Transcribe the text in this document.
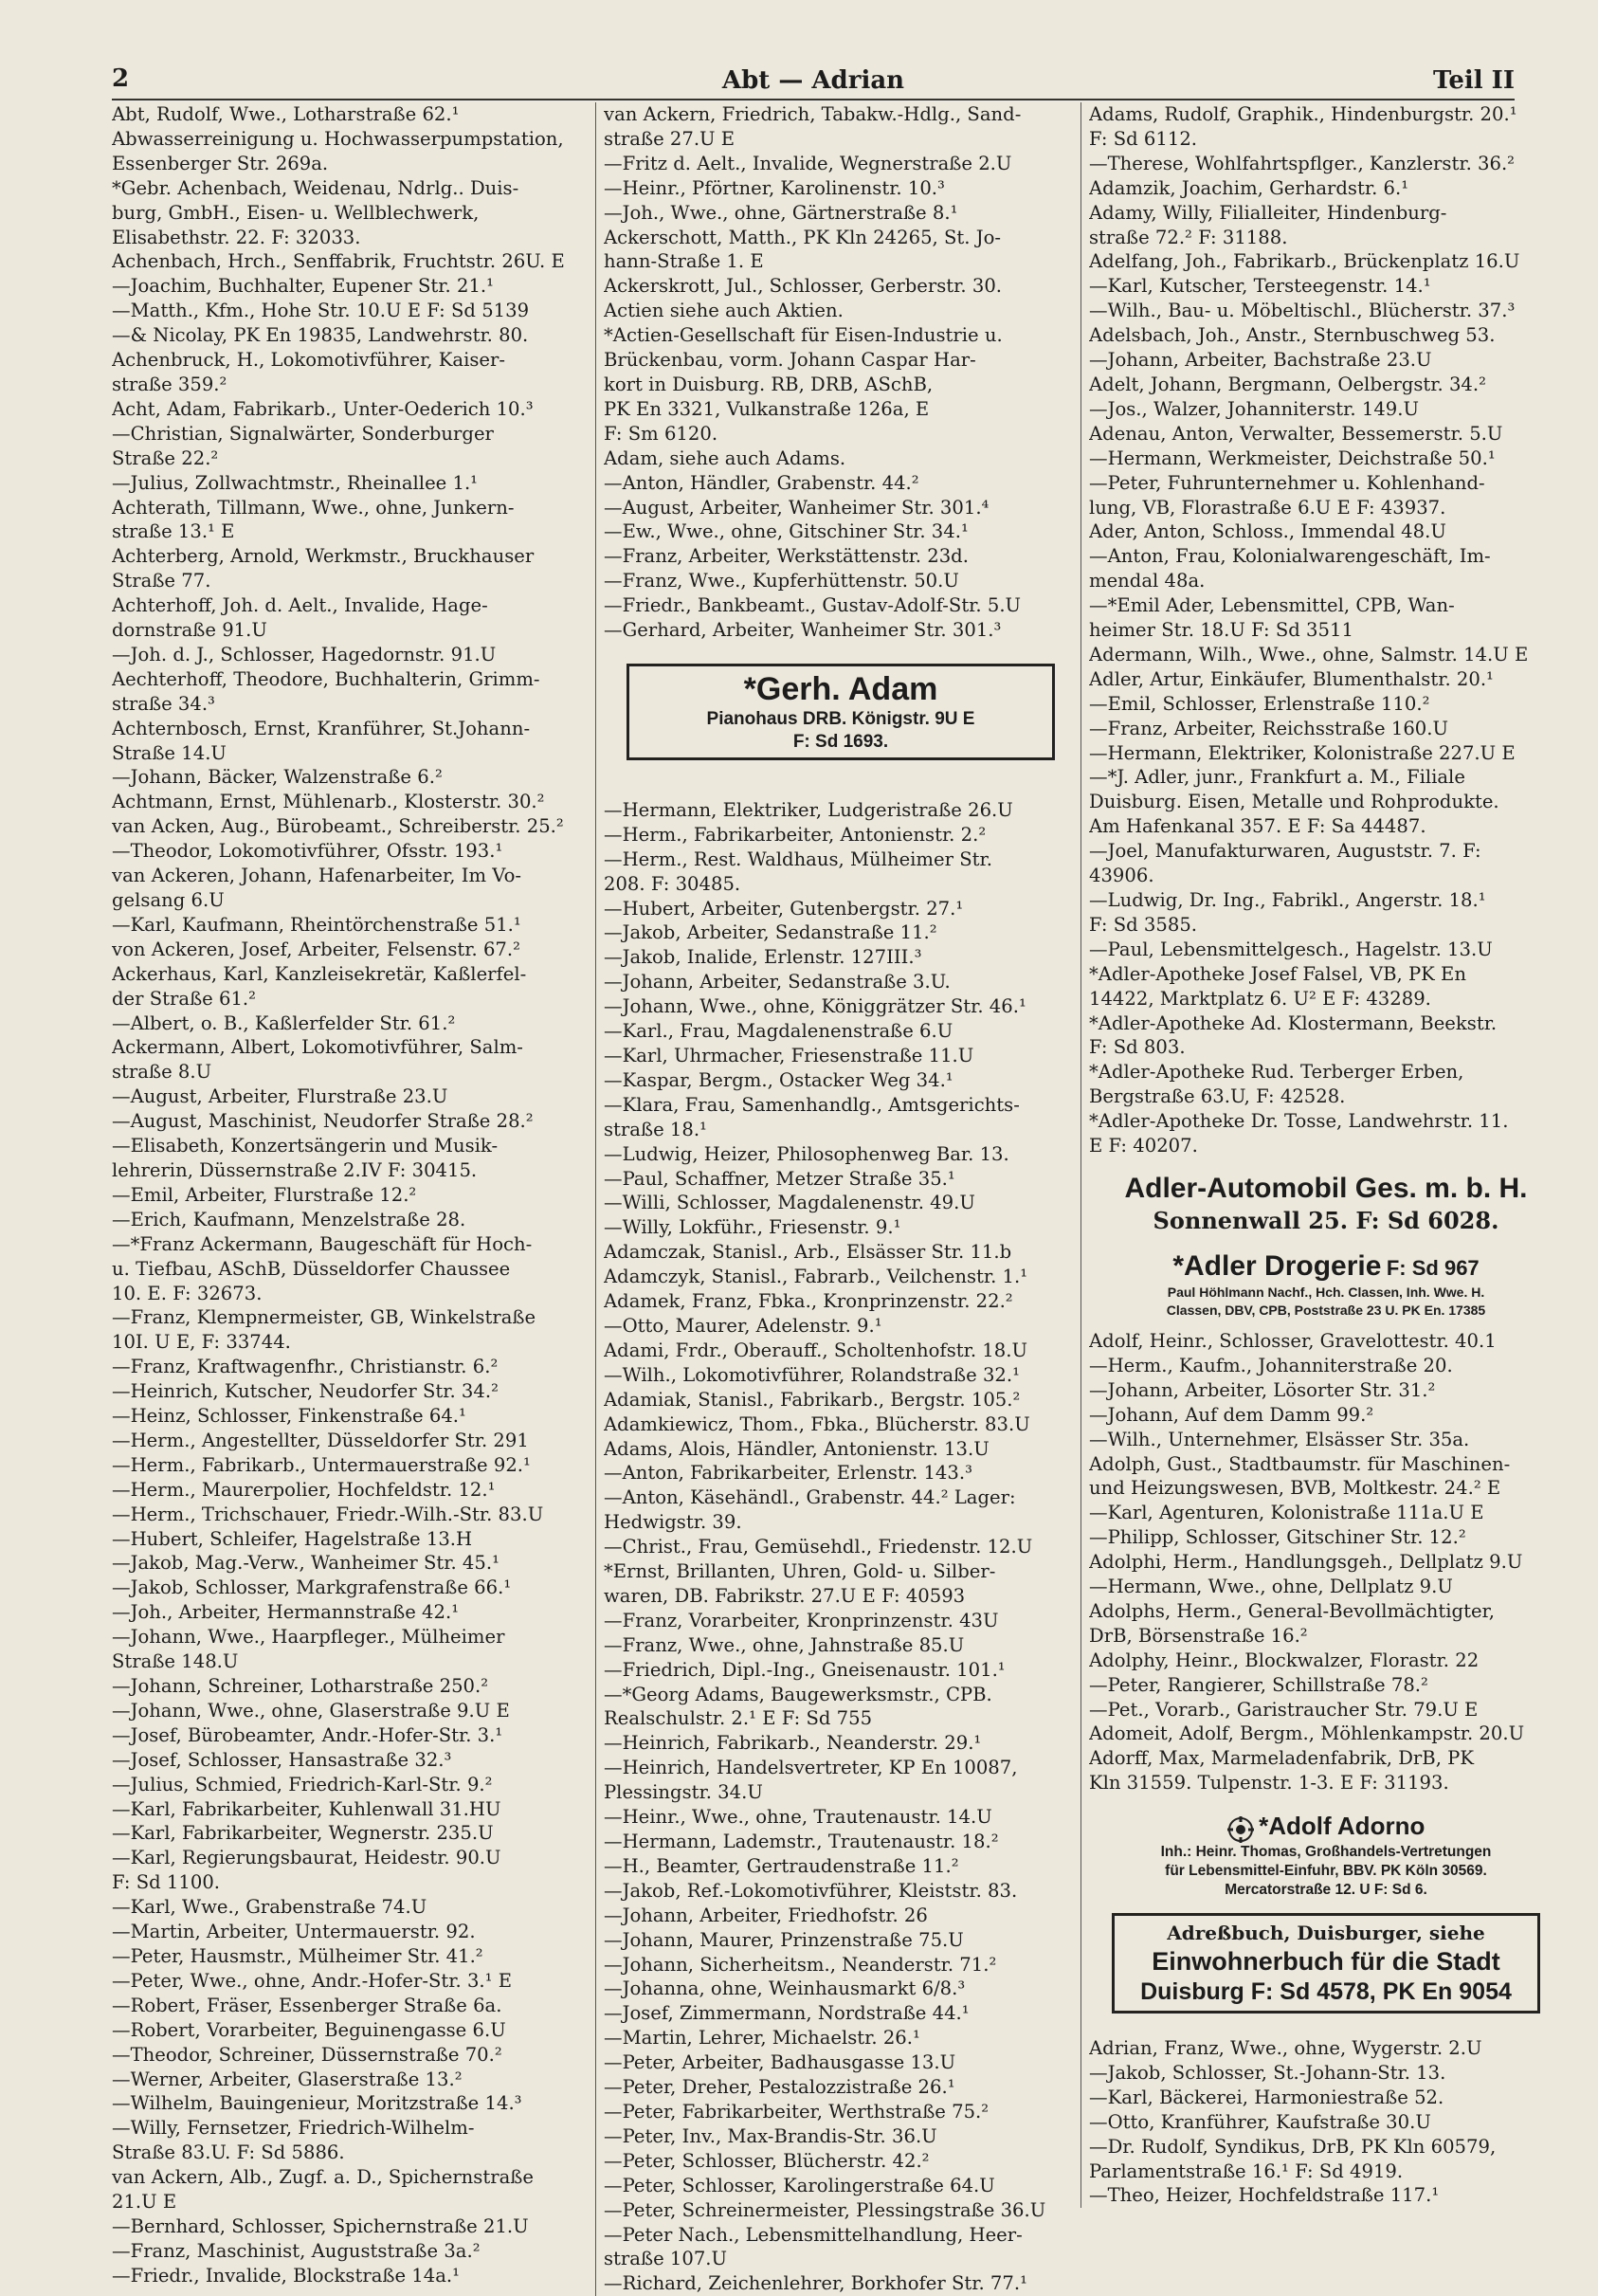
2	Abt — Adrian	Teil II
Abt, Rudolf, Wwe., Lotharstraße 62.¹
Abwasserreinigung u. Hochwasserpumpstation,
Essenberger Str. 269a.
*Gebr. Achenbach, Weidenau, Ndrlg.. Duis-
burg, GmbH., Eisen- u. Wellblechwerk,
Elisabethstr. 22. F: 32033.
Achenbach, Hrch., Senffabrik, Fruchtstr. 26U. E
—Joachim, Buchhalter, Eupener Str. 21.¹
—Matth., Kfm., Hohe Str. 10.U E F: Sd 5139
—& Nicolay, PK En 19835, Landwehrstr. 80.
Achenbruck, H., Lokomotivführer, Kaiser-
straße 359.²
Acht, Adam, Fabrikarb., Unter-Oederich 10.³
—Christian, Signalwärter, Sonderburger
Straße 22.²
—Julius, Zollwachtmstr., Rheinallee 1.¹
Achterath, Tillmann, Wwe., ohne, Junkern-
straße 13.¹ E
Achterberg, Arnold, Werkmstr., Bruckhauser
Straße 77.
Achterhoff, Joh. d. Aelt., Invalide, Hage-
dornstraße 91.U
—Joh. d. J., Schlosser, Hagedornstr. 91.U
Aechterhoff, Theodore, Buchhalterin, Grimm-
straße 34.³
Achternbosch, Ernst, Kranführer, St.Johann-
Straße 14.U
—Johann, Bäcker, Walzenstraße 6.²
Achtmann, Ernst, Mühlenarb., Klosterstr. 30.²
van Acken, Aug., Bürobeamt., Schreiberstr. 25.²
—Theodor, Lokomotivführer, Ofsstr. 193.¹
van Ackeren, Johann, Hafenarbeiter, Im Vo-
gelsang 6.U
—Karl, Kaufmann, Rheintörchenstraße 51.¹
von Ackeren, Josef, Arbeiter, Felsenstr. 67.²
Ackerhaus, Karl, Kanzleisekretär, Kaßlerfel-
der Straße 61.²
—Albert, o. B., Kaßlerfelder Str. 61.²
Ackermann, Albert, Lokomotivführer, Salm-
straße 8.U
—August, Arbeiter, Flurstraße 23.U
—August, Maschinist, Neudorfer Straße 28.²
—Elisabeth, Konzertsängerin und Musik-
lehrerin, Düssernstraße 2.IV F: 30415.
—Emil, Arbeiter, Flurstraße 12.²
—Erich, Kaufmann, Menzelstraße 28.
—*Franz Ackermann, Baugeschäft für Hoch-
u. Tiefbau, ASchB, Düsseldorfer Chaussee
10. E. F: 32673.
—Franz, Klempnermeister, GB, Winkelstraße
10I. U E, F: 33744.
—Franz, Kraftwagenfhr., Christianstr. 6.²
—Heinrich, Kutscher, Neudorfer Str. 34.²
—Heinz, Schlosser, Finkenstraße 64.¹
—Herm., Angestellter, Düsseldorfer Str. 291
—Herm., Fabrikarb., Untermauerstraße 92.¹
—Herm., Maurerpolier, Hochfeldstr. 12.¹
—Herm., Trichschauer, Friedr.-Wilh.-Str. 83.U
—Hubert, Schleifer, Hagelstraße 13.H
—Jakob, Mag.-Verw., Wanheimer Str. 45.¹
—Jakob, Schlosser, Markgrafenstraße 66.¹
—Joh., Arbeiter, Hermannstraße 42.¹
—Johann, Wwe., Haarpfleger., Mülheimer
Straße 148.U
—Johann, Schreiner, Lotharstraße 250.²
—Johann, Wwe., ohne, Glaserstraße 9.U E
—Josef, Bürobeamter, Andr.-Hofer-Str. 3.¹
—Josef, Schlosser, Hansastraße 32.³
—Julius, Schmied, Friedrich-Karl-Str. 9.²
—Karl, Fabrikarbeiter, Kuhlenwall 31.HU
—Karl, Fabrikarbeiter, Wegnerstr. 235.U
—Karl, Regierungsbaurat, Heidestr. 90.U
F: Sd 1100.
—Karl, Wwe., Grabenstraße 74.U
—Martin, Arbeiter, Untermauerstr. 92.
—Peter, Hausmstr., Mülheimer Str. 41.²
—Peter, Wwe., ohne, Andr.-Hofer-Str. 3.¹ E
—Robert, Fräser, Essenberger Straße 6a.
—Robert, Vorarbeiter, Beguinengasse 6.U
—Theodor, Schreiner, Düssernstraße 70.²
—Werner, Arbeiter, Glaserstraße 13.²
—Wilhelm, Bauingenieur, Moritzstraße 14.³
—Willy, Fernsetzer, Friedrich-Wilhelm-
Straße 83.U. F: Sd 5886.
van Ackern, Alb., Zugf. a. D., Spichernstraße
21.U E
—Bernhard, Schlosser, Spichernstraße 21.U
—Franz, Maschinist, Auguststraße 3a.²
—Friedr., Invalide, Blockstraße 14a.¹
van Ackern, Friedrich, Tabakw.-Hdlg., Sand-
straße 27.U E
—Fritz d. Aelt., Invalide, Wegnerstraße 2.U
—Heinr., Pförtner, Karolinenstr. 10.³
—Joh., Wwe., ohne, Gärtnerstraße 8.¹
Ackerschott, Matth., PK Kln 24265, St. Jo-
hann-Straße 1. E
Ackerskrott, Jul., Schlosser, Gerberstr. 30.
Actien siehe auch Aktien.
*Actien-Gesellschaft für Eisen-Industrie u.
Brückenbau, vorm. Johann Caspar Har-
kort in Duisburg. RB, DRB, ASchB,
PK En 3321, Vulkanstraße 126a, E
F: Sm 6120.
Adam, siehe auch Adams.
—Anton, Händler, Grabenstr. 44.²
—August, Arbeiter, Wanheimer Str. 301.⁴
—Ew., Wwe., ohne, Gitschiner Str. 34.¹
—Franz, Arbeiter, Werkstättenstr. 23d.
—Franz, Wwe., Kupferhüttenstr. 50.U
—Friedr., Bankbeamt., Gustav-Adolf-Str. 5.U
—Gerhard, Arbeiter, Wanheimer Str. 301.³
*Gerh. Adam
Pianohaus DRB. Königstr. 9U E
F: Sd 1693.
—Hermann, Elektriker, Ludgeristraße 26.U
—Herm., Fabrikarbeiter, Antonienstr. 2.²
—Herm., Rest. Waldhaus, Mülheimer Str.
208. F: 30485.
—Hubert, Arbeiter, Gutenbergstr. 27.¹
—Jakob, Arbeiter, Sedanstraße 11.²
—Jakob, Inalide, Erlenstr. 127III.³
—Johann, Arbeiter, Sedanstraße 3.U.
—Johann, Wwe., ohne, Königgrätzer Str. 46.¹
—Karl., Frau, Magdalenenstraße 6.U
—Karl, Uhrmacher, Friesenstraße 11.U
—Kaspar, Bergm., Ostacker Weg 34.¹
—Klara, Frau, Samenhandlg., Amtsgerichts-
straße 18.¹
—Ludwig, Heizer, Philosophenweg Bar. 13.
—Paul, Schaffner, Metzer Straße 35.¹
—Willi, Schlosser, Magdalenenstr. 49.U
—Willy, Lokführ., Friesenstr. 9.¹
Adamczak, Stanisl., Arb., Elsässer Str. 11.b
Adamczyk, Stanisl., Fabrarb., Veilchenstr. 1.¹
Adamek, Franz, Fbka., Kronprinzenstr. 22.²
—Otto, Maurer, Adelenstr. 9.¹
Adami, Frdr., Oberauff., Scholtenhofstr. 18.U
—Wilh., Lokomotivführer, Rolandstraße 32.¹
Adamiak, Stanisl., Fabrikarb., Bergstr. 105.²
Adamkiewicz, Thom., Fbka., Blücherstr. 83.U
Adams, Alois, Händler, Antonienstr. 13.U
—Anton, Fabrikarbeiter, Erlenstr. 143.³
—Anton, Käsehändl., Grabenstr. 44.² Lager:
Hedwigstr. 39.
—Christ., Frau, Gemüsehdl., Friedenstr. 12.U
*Ernst, Brillanten, Uhren, Gold- u. Silber-
waren, DB. Fabrikstr. 27.U E F: 40593
—Franz, Vorarbeiter, Kronprinzenstr. 43U
—Franz, Wwe., ohne, Jahnstraße 85.U
—Friedrich, Dipl.-Ing., Gneisenaustr. 101.¹
—*Georg Adams, Baugewerksmstr., CPB.
Realschulstr. 2.¹ E F: Sd 755
—Heinrich, Fabrikarb., Neanderstr. 29.¹
—Heinrich, Handelsvertreter, KP En 10087,
Plessingstr. 34.U
—Heinr., Wwe., ohne, Trautenaustr. 14.U
—Hermann, Lademstr., Trautenaustr. 18.²
—H., Beamter, Gertraudenstraße 11.²
—Jakob, Ref.-Lokomotivführer, Kleiststr. 83.
—Johann, Arbeiter, Friedhofstr. 26
—Johann, Maurer, Prinzenstraße 75.U
—Johann, Sicherheitsm., Neanderstr. 71.²
—Johanna, ohne, Weinhausmarkt 6/8.³
—Josef, Zimmermann, Nordstraße 44.¹
—Martin, Lehrer, Michaelstr. 26.¹
—Peter, Arbeiter, Badhausgasse 13.U
—Peter, Dreher, Pestalozzistraße 26.¹
—Peter, Fabrikarbeiter, Werthstraße 75.²
—Peter, Inv., Max-Brandis-Str. 36.U
—Peter, Schlosser, Blücherstr. 42.²
—Peter, Schlosser, Karolingerstraße 64.U
—Peter, Schreinermeister, Plessingstraße 36.U
—Peter Nach., Lebensmittelhandlung, Heer-
straße 107.U
—Richard, Zeichenlehrer, Borkhofer Str. 77.¹
Adams, Rudolf, Graphik., Hindenburgstr. 20.¹
F: Sd 6112.
—Therese, Wohlfahrtspflger., Kanzlerstr. 36.²
Adamzik, Joachim, Gerhardstr. 6.¹
Adamy, Willy, Filialleiter, Hindenburg-
straße 72.² F: 31188.
Adelfang, Joh., Fabrikarb., Brückenplatz 16.U
—Karl, Kutscher, Tersteegenstr. 14.¹
—Wilh., Bau- u. Möbeltischl., Blücherstr. 37.³
Adelsbach, Joh., Anstr., Sternbuschweg 53.
—Johann, Arbeiter, Bachstraße 23.U
Adelt, Johann, Bergmann, Oelbergstr. 34.²
—Jos., Walzer, Johanniterstr. 149.U
Adenau, Anton, Verwalter, Bessemerstr. 5.U
—Hermann, Werkmeister, Deichstraße 50.¹
—Peter, Fuhrunternehmer u. Kohlenhand-
lung, VB, Florastraße 6.U E F: 43937.
Ader, Anton, Schloss., Immendal 48.U
—Anton, Frau, Kolonialwarengeschäft, Im-
mendal 48a.
—*Emil Ader, Lebensmittel, CPB, Wan-
heimer Str. 18.U F: Sd 3511
Adermann, Wilh., Wwe., ohne, Salmstr. 14.U E
Adler, Artur, Einkäufer, Blumenthalstr. 20.¹
—Emil, Schlosser, Erlenstraße 110.²
—Franz, Arbeiter, Reichsstraße 160.U
—Hermann, Elektriker, Kolonistraße 227.U E
—*J. Adler, junr., Frankfurt a. M., Filiale
Duisburg. Eisen, Metalle und Rohprodukte.
Am Hafenkanal 357. E F: Sa 44487.
—Joel, Manufakturwaren, Auguststr. 7. F:
43906.
—Ludwig, Dr. Ing., Fabrikl., Angerstr. 18.¹
F: Sd 3585.
—Paul, Lebensmittelgesch., Hagelstr. 13.U
*Adler-Apotheke Josef Falsel, VB, PK En
14422, Marktplatz 6. U² E F: 43289.
*Adler-Apotheke Ad. Klostermann, Beekstr.
F: Sd 803.
*Adler-Apotheke Rud. Terberger Erben,
Bergstraße 63.U, F: 42528.
*Adler-Apotheke Dr. Tosse, Landwehrstr. 11.
E F: 40207.
Adler-Automobil Ges. m. b. H.
Sonnenwall 25. F: Sd 6028.
*Adler Drogerie F: Sd 967
Paul Höhlmann Nachf., Hch. Classen, Inh. Wwe. H.
Classen, DBV, CPB, Poststraße 23 U. PK En. 17385
Adolf, Heinr., Schlosser, Gravelottestr. 40.1
—Herm., Kaufm., Johanniterstraße 20.
—Johann, Arbeiter, Lösorter Str. 31.²
—Johann, Auf dem Damm 99.²
—Wilh., Unternehmer, Elsässer Str. 35a.
Adolph, Gust., Stadtbaumstr. für Maschinen-
und Heizungswesen, BVB, Moltkestr. 24.² E
—Karl, Agenturen, Kolonistraße 111a.U E
—Philipp, Schlosser, Gitschiner Str. 12.²
Adolphi, Herm., Handlungsgeh., Dellplatz 9.U
—Hermann, Wwe., ohne, Dellplatz 9.U
Adolphs, Herm., General-Bevollmächtigter,
DrB, Börsenstraße 16.²
Adolphy, Heinr., Blockwalzer, Florastr. 22
—Peter, Rangierer, Schillstraße 78.²
—Pet., Vorarb., Garistraucher Str. 79.U E
Adomeit, Adolf, Bergm., Möhlenkampstr. 20.U
Adorff, Max, Marmeladenfabrik, DrB, PK
Kln 31559. Tulpenstr. 1-3. E F: 31193.
*Adolf Adorno
Inh.: Heinr. Thomas, Großhandels-Vertretungen
für Lebensmittel-Einfuhr, BBV. PK Köln 30569.
Mercatorstraße 12. U F: Sd 6.
Adreßbuch, Duisburger, siehe
Einwohnerbuch für die Stadt
Duisburg F: Sd 4578, PK En 9054
Adrian, Franz, Wwe., ohne, Wygerstr. 2.U
—Jakob, Schlosser, St.-Johann-Str. 13.
—Karl, Bäckerei, Harmoniestraße 52.
—Otto, Kranführer, Kaufstraße 30.U
—Dr. Rudolf, Syndikus, DrB, PK Kln 60579,
Parlamentstraße 16.¹ F: Sd 4919.
—Theo, Heizer, Hochfeldstraße 117.¹
